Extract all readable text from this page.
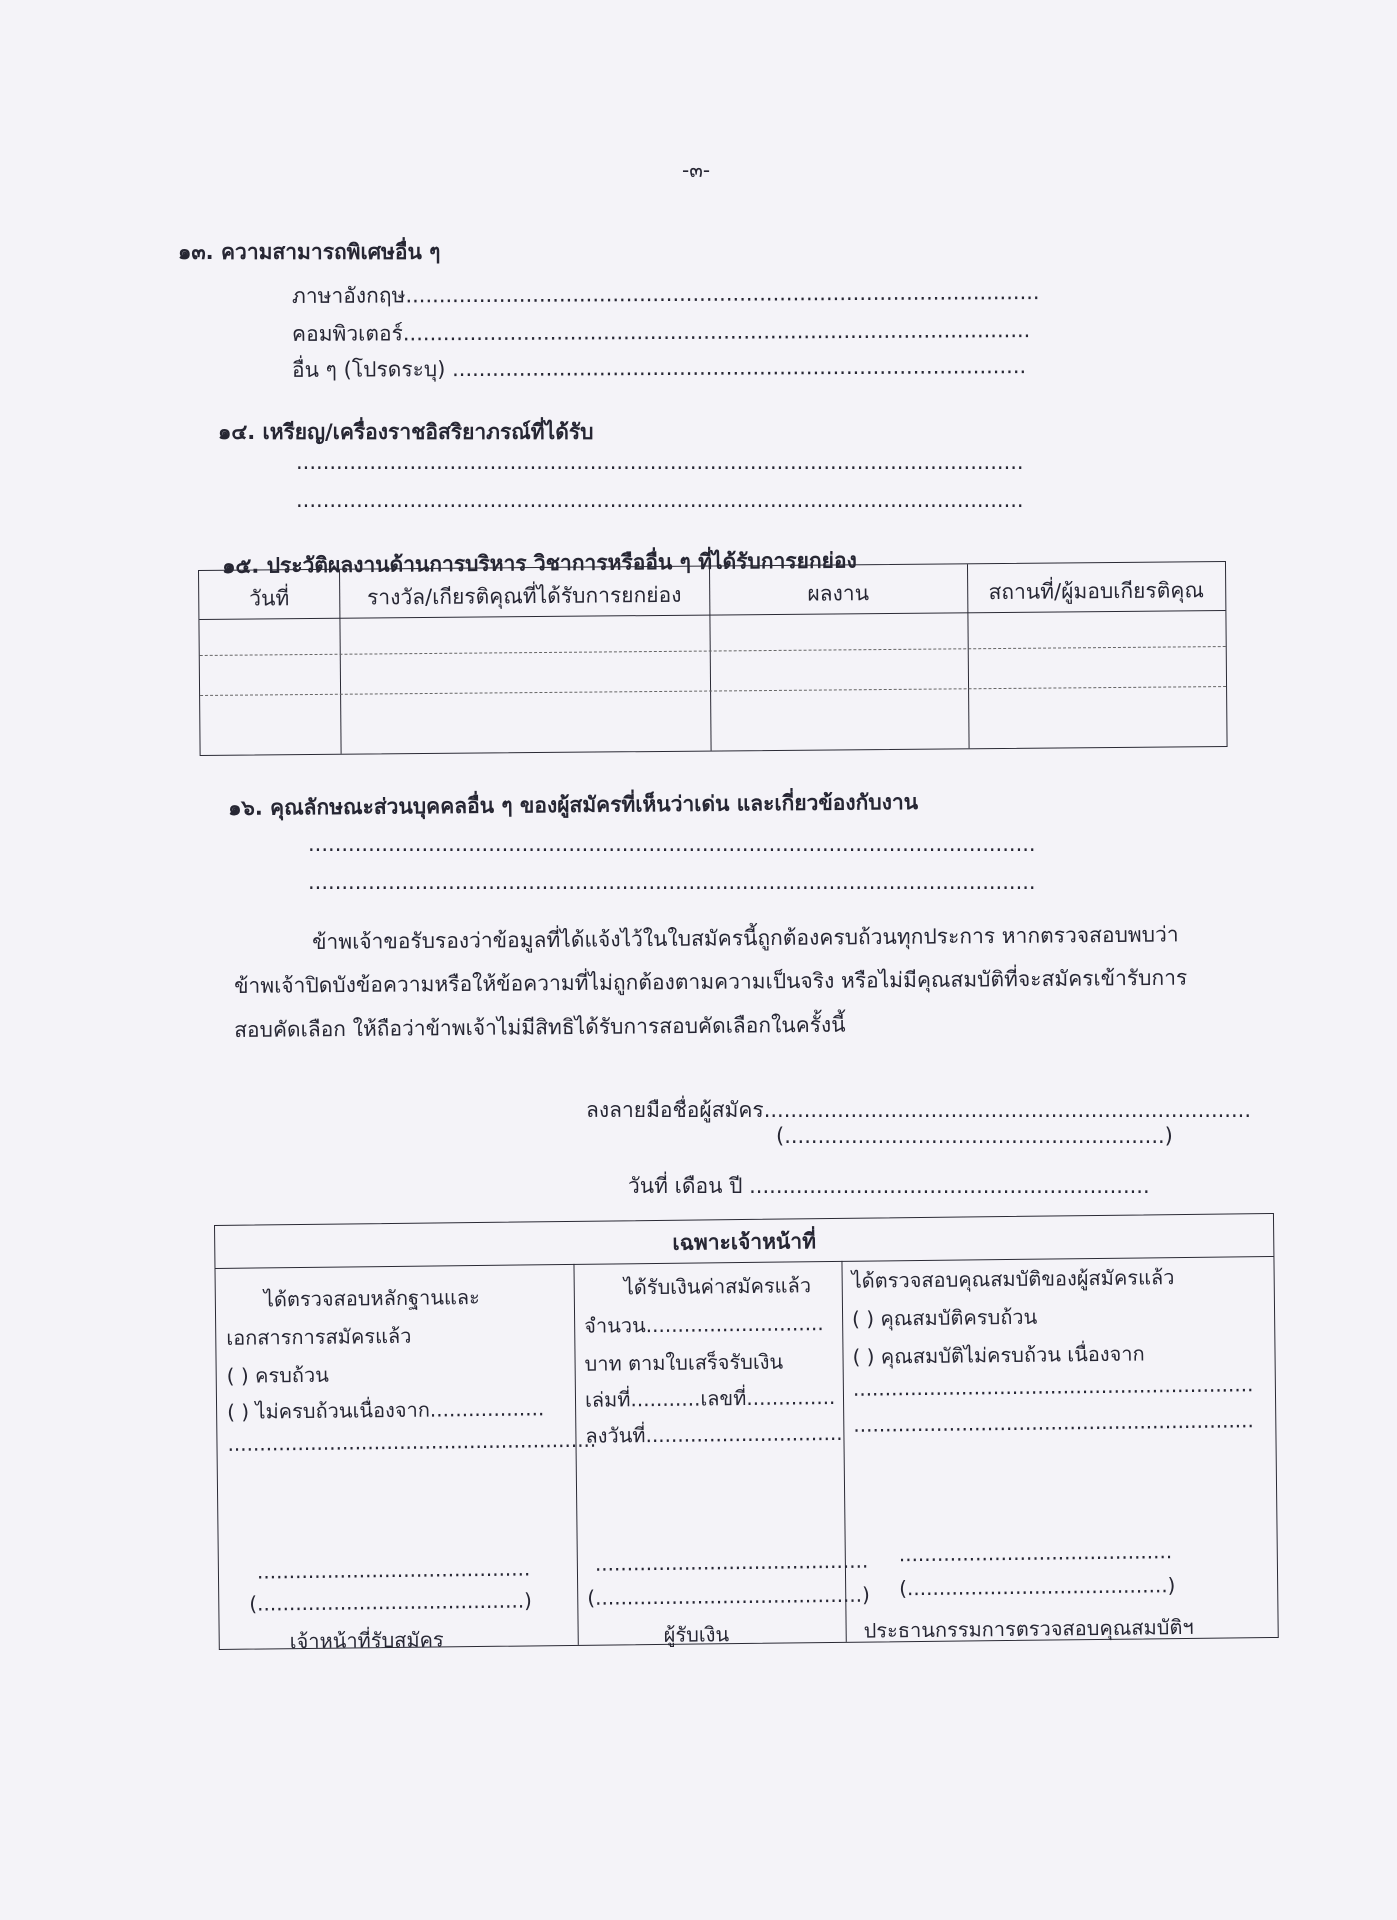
-๓-
๑๓. ความสามารถพิเศษอื่น ๆ
ภาษาอังกฤษ...............................................................................................
คอมพิวเตอร์..............................................................................................
อื่น ๆ (โปรดระบุ) ......................................................................................
๑๔. เหรียญ/เครื่องราชอิสริยาภรณ์ที่ได้รับ
.............................................................................................................
.............................................................................................................
๑๕. ประวัติผลงานด้านการบริหาร วิชาการหรืออื่น ๆ ที่ได้รับการยกย่อง
วันที่	รางวัล/เกียรติคุณที่ได้รับการยกย่อง	ผลงาน	สถานที่/ผู้มอบเกียรติคุณ
๑๖. คุณลักษณะส่วนบุคคลอื่น ๆ ของผู้สมัครที่เห็นว่าเด่น และเกี่ยวข้องกับงาน
.............................................................................................................
.............................................................................................................
ข้าพเจ้าขอรับรองว่าข้อมูลที่ได้แจ้งไว้ในใบสมัครนี้ถูกต้องครบถ้วนทุกประการ หากตรวจสอบพบว่า
ข้าพเจ้าปิดบังข้อความหรือให้ข้อความที่ไม่ถูกต้องตามความเป็นจริง หรือไม่มีคุณสมบัติที่จะสมัครเข้ารับการ
สอบคัดเลือก ให้ถือว่าข้าพเจ้าไม่มีสิทธิได้รับการสอบคัดเลือกในครั้งนี้
ลงลายมือชื่อผู้สมัคร.........................................................................
(.........................................................)
วันที่ เดือน ปี ............................................................
เฉพาะเจ้าหน้าที่
ได้ตรวจสอบหลักฐานและ
เอกสารการสมัครแล้ว
( ) ครบถ้วน
( ) ไม่ครบถ้วนเนื่องจาก..................
..........................................................
...........................................
(..........................................)
เจ้าหน้าที่รับสมัคร
ได้รับเงินค่าสมัครแล้ว
จำนวน............................
บาท ตามใบเสร็จรับเงิน
เล่มที่...........เลขที่..............
ลงวันที่...............................
...........................................
(..........................................)
ผู้รับเงิน
ได้ตรวจสอบคุณสมบัติของผู้สมัครแล้ว
( ) คุณสมบัติครบถ้วน
( ) คุณสมบัติไม่ครบถ้วน เนื่องจาก
...............................................................
...............................................................
...........................................
(.........................................)
ประธานกรรมการตรวจสอบคุณสมบัติฯ
